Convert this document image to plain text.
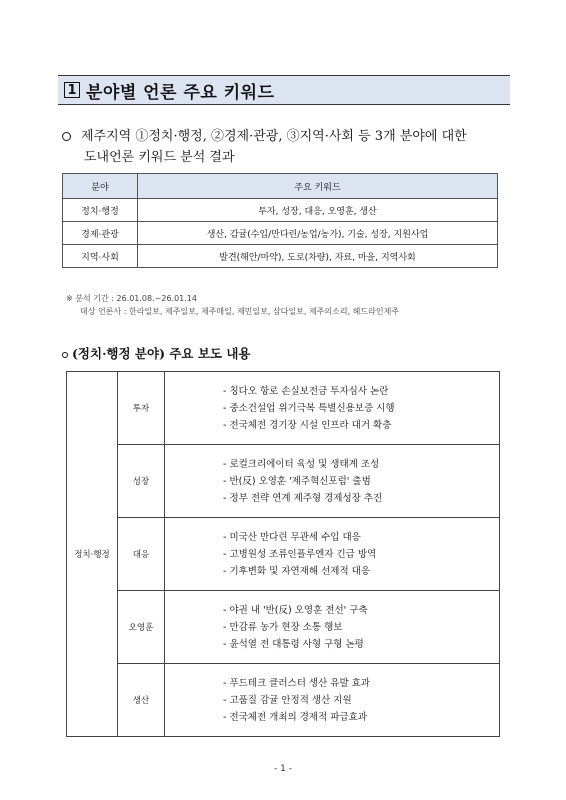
1 분야별 언론 주요 키워드
제주지역 ①정치·행정, ②경제·관광, ③지역·사회 등 3개 분야에 대한
도내언론 키워드 분석 결과
분야	주요 키워드
정치·행정	투자, 성장, 대응, 오영훈, 생산
경제·관광	생산, 감귤(수입/만다린/농업/농가), 기술, 성장, 지원사업
지역·사회	발견(해안/마약), 도로(차량), 자료, 마을, 지역사회
※ 분석 기간 : 26.01.08.~26.01.14
대상 언론사 : 한라일보, 제주일보, 제주매일, 제민일보, 삼다일보, 제주의소리, 헤드라인제주
(정치·행정 분야) 주요 보도 내용
정치·행정	투자	- 칭다오 항로 손실보전금 투자심사 논란
- 중소건설업 위기극복 특별신용보증 시행
- 전국체전 경기장 시설 인프라 대거 확충

	성장	- 로컬크리에이터 육성 및 생태계 조성
- 반(反) 오영훈 '제주혁신포럼' 출범
- 정부 전략 연계 제주형 경제성장 추진

	대응	- 미국산 만다린 무관세 수입 대응
- 고병원성 조류인플루엔자 긴급 방역
- 기후변화 및 자연재해 선제적 대응

	오영훈	- 야권 내 '반(反) 오영훈 전선' 구축
- 만감류 농가 현장 소통 행보
- 윤석열 전 대통령 사형 구형 논평

	생산	- 푸드테크 클러스터 생산 유발 효과
- 고품질 감귤 안정적 생산 지원
- 전국체전 개최의 경제적 파급효과
- 1 -
